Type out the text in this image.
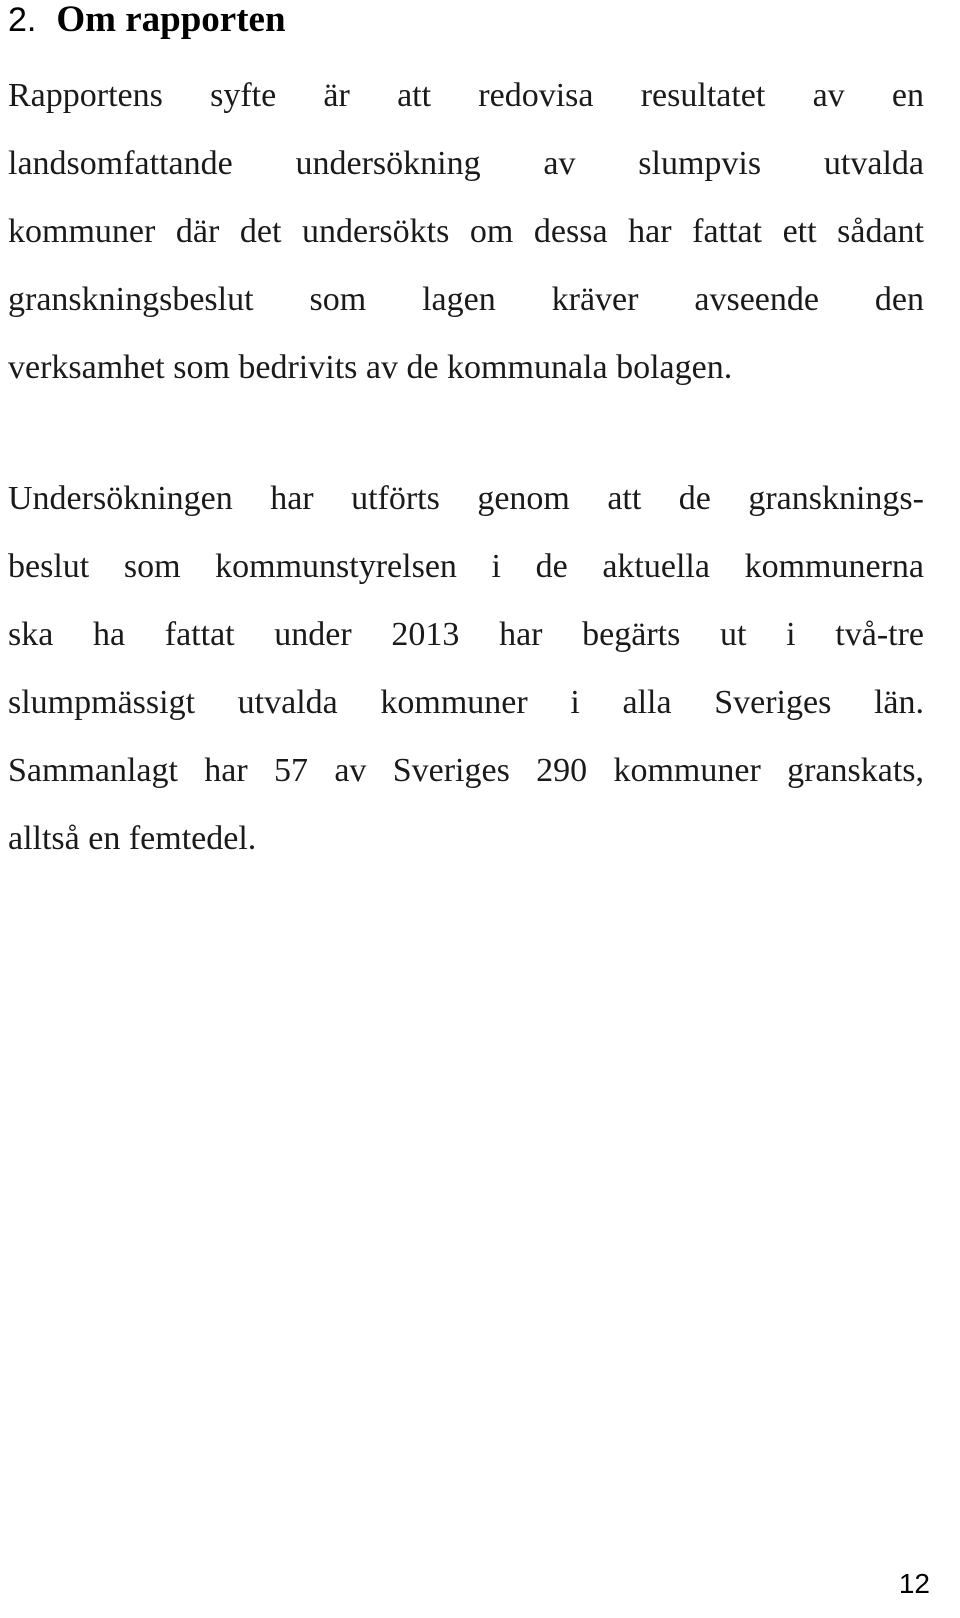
2. Om rapporten
Rapportens syfte är att redovisa resultatet av en
landsomfattande undersökning av slumpvis utvalda
kommuner där det undersökts om dessa har fattat ett sådant
granskningsbeslut som lagen kräver avseende den
verksamhet som bedrivits av de kommunala bolagen.
Undersökningen har utförts genom att de gransknings-
beslut som kommunstyrelsen i de aktuella kommunerna
ska ha fattat under 2013 har begärts ut i två-tre
slumpmässigt utvalda kommuner i alla Sveriges län.
Sammanlagt har 57 av Sveriges 290 kommuner granskats,
alltså en femtedel.
12
